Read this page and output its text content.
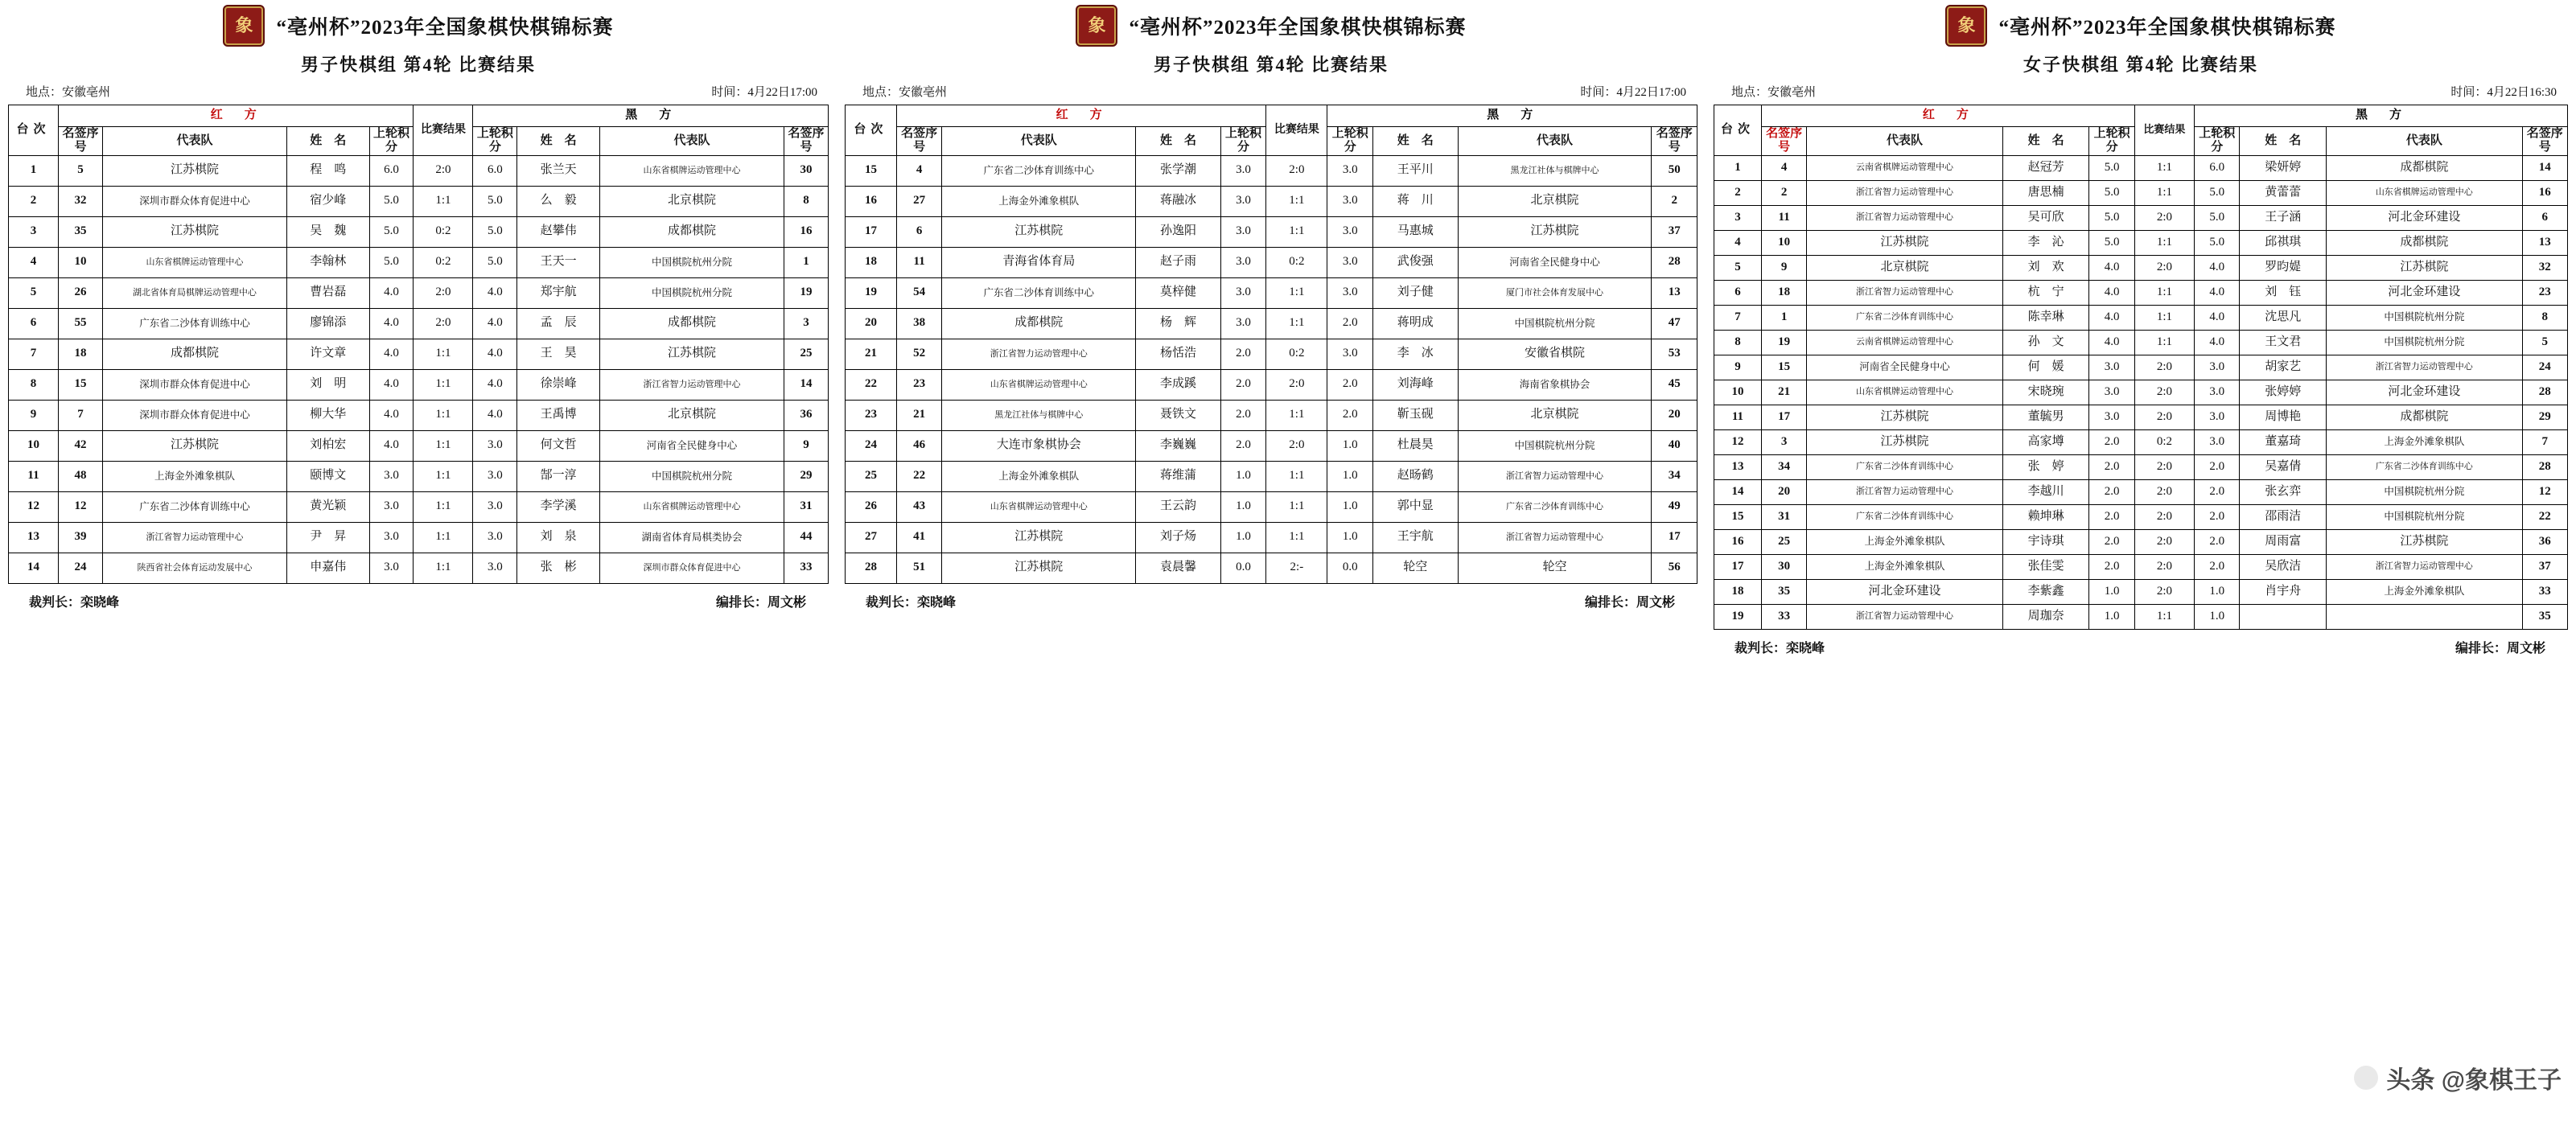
象 “亳州杯”2023年全国象棋快棋锦标赛
男子快棋组 第4轮 比赛结果
地点：安徽亳州	时间：4月22日17:00
台次	红　方				比赛结果	黑　方			
	名签序号	代表队	姓　名	上轮积分		上轮积分	姓　名	代表队	名签序号
1	5	江苏棋院	程　鸣	6.0	2:0	6.0	张兰天	山东省棋牌运动管理中心	30
2	32	深圳市群众体育促进中心	宿少峰	5.0	1:1	5.0	么　毅	北京棋院	8
3	35	江苏棋院	吴　魏	5.0	0:2	5.0	赵攀伟	成都棋院	16
4	10	山东省棋牌运动管理中心	李翰林	5.0	0:2	5.0	王天一	中国棋院杭州分院	1
5	26	湖北省体育局棋牌运动管理中心	曹岩磊	4.0	2:0	4.0	郑宇航	中国棋院杭州分院	19
6	55	广东省二沙体育训练中心	廖锦添	4.0	2:0	4.0	孟　辰	成都棋院	3
7	18	成都棋院	许文章	4.0	1:1	4.0	王　昊	江苏棋院	25
8	15	深圳市群众体育促进中心	刘　明	4.0	1:1	4.0	徐崇峰	浙江省智力运动管理中心	14
9	7	深圳市群众体育促进中心	柳大华	4.0	1:1	4.0	王禹博	北京棋院	36
10	42	江苏棋院	刘柏宏	4.0	1:1	3.0	何文哲	河南省全民健身中心	9
11	48	上海金外滩象棋队	颐博文	3.0	1:1	3.0	郜一淳	中国棋院杭州分院	29
12	12	广东省二沙体育训练中心	黄光颖	3.0	1:1	3.0	李学溪	山东省棋牌运动管理中心	31
13	39	浙江省智力运动管理中心	尹　昇	3.0	1:1	3.0	刘　泉	湖南省体育局棋类协会	44
14	24	陕西省社会体育运动发展中心	申嘉伟	3.0	1:1	3.0	张　彬	深圳市群众体育促进中心	33
裁判长：栾晓峰	编排长：周文彬
象 “亳州杯”2023年全国象棋快棋锦标赛
男子快棋组 第4轮 比赛结果
地点：安徽亳州	时间：4月22日17:00
台次	红　方				比赛结果	黑　方			
	名签序号	代表队	姓　名	上轮积分		上轮积分	姓　名	代表队	名签序号
15	4	广东省二沙体育训练中心	张学潮	3.0	2:0	3.0	王平川	黑龙江社体与棋牌中心	50
16	27	上海金外滩象棋队	蒋融冰	3.0	1:1	3.0	蒋　川	北京棋院	2
17	6	江苏棋院	孙逸阳	3.0	1:1	3.0	马惠城	江苏棋院	37
18	11	青海省体育局	赵子雨	3.0	0:2	3.0	武俊强	河南省全民健身中心	28
19	54	广东省二沙体育训练中心	莫梓健	3.0	1:1	3.0	刘子健	厦门市社会体育发展中心	13
20	38	成都棋院	杨　辉	3.0	1:1	2.0	蒋明成	中国棋院杭州分院	47
21	52	浙江省智力运动管理中心	杨恬浩	2.0	0:2	3.0	李　冰	安徽省棋院	53
22	23	山东省棋牌运动管理中心	李成蹊	2.0	2:0	2.0	刘海峰	海南省象棋协会	45
23	21	黑龙江社体与棋牌中心	聂铁文	2.0	1:1	2.0	靳玉砚	北京棋院	20
24	46	大连市象棋协会	李巍巍	2.0	2:0	1.0	杜晨昊	中国棋院杭州分院	40
25	22	上海金外滩象棋队	蒋维蒲	1.0	1:1	1.0	赵旸鹤	浙江省智力运动管理中心	34
26	43	山东省棋牌运动管理中心	王云韵	1.0	1:1	1.0	郭中显	广东省二沙体育训练中心	49
27	41	江苏棋院	刘子炀	1.0	1:1	1.0	王宇航	浙江省智力运动管理中心	17
28	51	江苏棋院	袁晨馨	0.0	2:-	0.0	轮空	轮空	56
裁判长：栾晓峰	编排长：周文彬
象 “亳州杯”2023年全国象棋快棋锦标赛
女子快棋组 第4轮 比赛结果
地点：安徽亳州	时间：4月22日16:30
台次	红　方				比赛结果	黑　方			
	名签序号	代表队	姓　名	上轮积分		上轮积分	姓　名	代表队	名签序号
1	4	云南省棋牌运动管理中心	赵冠芳	5.0	1:1	6.0	梁妍婷	成都棋院	14
2	2	浙江省智力运动管理中心	唐思楠	5.0	1:1	5.0	黄蕾蕾	山东省棋牌运动管理中心	16
3	11	浙江省智力运动管理中心	吴可欣	5.0	2:0	5.0	王子涵	河北金环建设	6
4	10	江苏棋院	李　沁	5.0	1:1	5.0	邱祺琪	成都棋院	13
5	9	北京棋院	刘　欢	4.0	2:0	4.0	罗昀媞	江苏棋院	32
6	18	浙江省智力运动管理中心	杭　宁	4.0	1:1	4.0	刘　钰	河北金环建设	23
7	1	广东省二沙体育训练中心	陈幸琳	4.0	1:1	4.0	沈思凡	中国棋院杭州分院	8
8	19	云南省棋牌运动管理中心	孙　文	4.0	1:1	4.0	王文君	中国棋院杭州分院	5
9	15	河南省全民健身中心	何　媛	3.0	2:0	3.0	胡家艺	浙江省智力运动管理中心	24
10	21	山东省棋牌运动管理中心	宋晓琬	3.0	2:0	3.0	张婷婷	河北金环建设	28
11	17	江苏棋院	董毓男	3.0	2:0	3.0	周博艳	成都棋院	29
12	3	江苏棋院	高家墫	2.0	0:2	3.0	董嘉琦	上海金外滩象棋队	7
13	34	广东省二沙体育训练中心	张　婷	2.0	2:0	2.0	吴嘉倩	广东省二沙体育训练中心	28
14	20	浙江省智力运动管理中心	李越川	2.0	2:0	2.0	张玄弈	中国棋院杭州分院	12
15	31	广东省二沙体育训练中心	赖坤琳	2.0	2:0	2.0	邵雨洁	中国棋院杭州分院	22
16	25	上海金外滩象棋队	宇诗琪	2.0	2:0	2.0	周雨富	江苏棋院	36
17	30	上海金外滩象棋队	张佳雯	2.0	2:0	2.0	吴欣洁	浙江省智力运动管理中心	37
18	35	河北金环建设	李紫鑫	1.0	2:0	1.0	肖宇舟	上海金外滩象棋队	33
19	33	浙江省智力运动管理中心	周珈奈	1.0	1:1	1.0			35
裁判长：栾晓峰	编排长：周文彬
头条 @象棋王子
